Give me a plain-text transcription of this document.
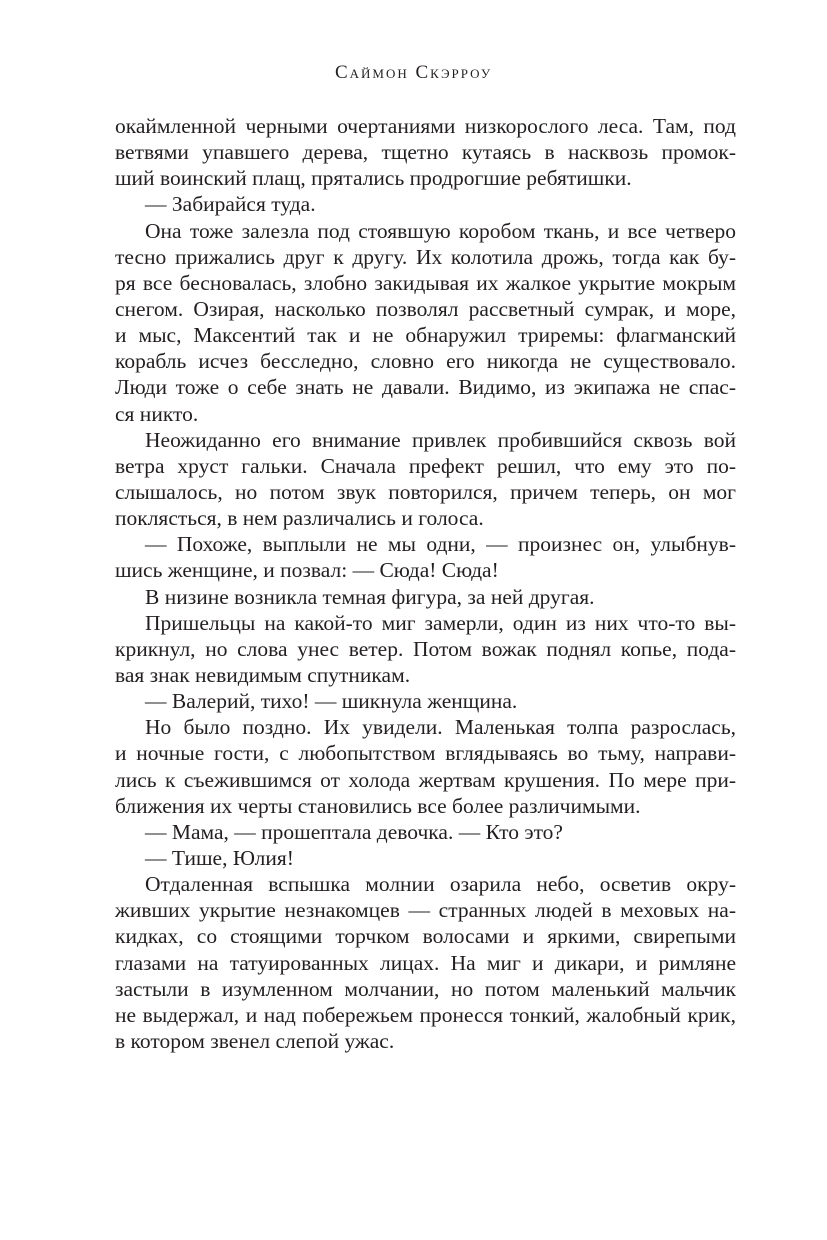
Саймон Скэрроу
окаймленной черными очертаниями низкорослого леса. Там, под
ветвями упавшего дерева, тщетно кутаясь в насквозь промок-
ший воинский плащ, прятались продрогшие ребятишки.
— Забирайся туда.
Она тоже залезла под стоявшую коробом ткань, и все четверо
тесно прижались друг к другу. Их колотила дрожь, тогда как бу-
ря все бесновалась, злобно закидывая их жалкое укрытие мокрым
снегом. Озирая, насколько позволял рассветный сумрак, и море,
и мыс, Максентий так и не обнаружил триремы: флагманский
корабль исчез бесследно, словно его никогда не существовало.
Люди тоже о себе знать не давали. Видимо, из экипажа не спас-
ся никто.
Неожиданно его внимание привлек пробившийся сквозь вой
ветра хруст гальки. Сначала префект решил, что ему это по-
слышалось, но потом звук повторился, причем теперь, он мог
поклясться, в нем различались и голоса.
— Похоже, выплыли не мы одни, — произнес он, улыбнув-
шись женщине, и позвал: — Сюда! Сюда!
В низине возникла темная фигура, за ней другая.
Пришельцы на какой-то миг замерли, один из них что-то вы-
крикнул, но слова унес ветер. Потом вожак поднял копье, пода-
вая знак невидимым спутникам.
— Валерий, тихо! — шикнула женщина.
Но было поздно. Их увидели. Маленькая толпа разрослась,
и ночные гости, с любопытством вглядываясь во тьму, направи-
лись к съежившимся от холода жертвам крушения. По мере при-
ближения их черты становились все более различимыми.
— Мама, — прошептала девочка. — Кто это?
— Тише, Юлия!
Отдаленная вспышка молнии озарила небо, осветив окру-
живших укрытие незнакомцев — странных людей в меховых на-
кидках, со стоящими торчком волосами и яркими, свирепыми
глазами на татуированных лицах. На миг и дикари, и римляне
застыли в изумленном молчании, но потом маленький мальчик
не выдержал, и над побережьем пронесся тонкий, жалобный крик,
в котором звенел слепой ужас.
